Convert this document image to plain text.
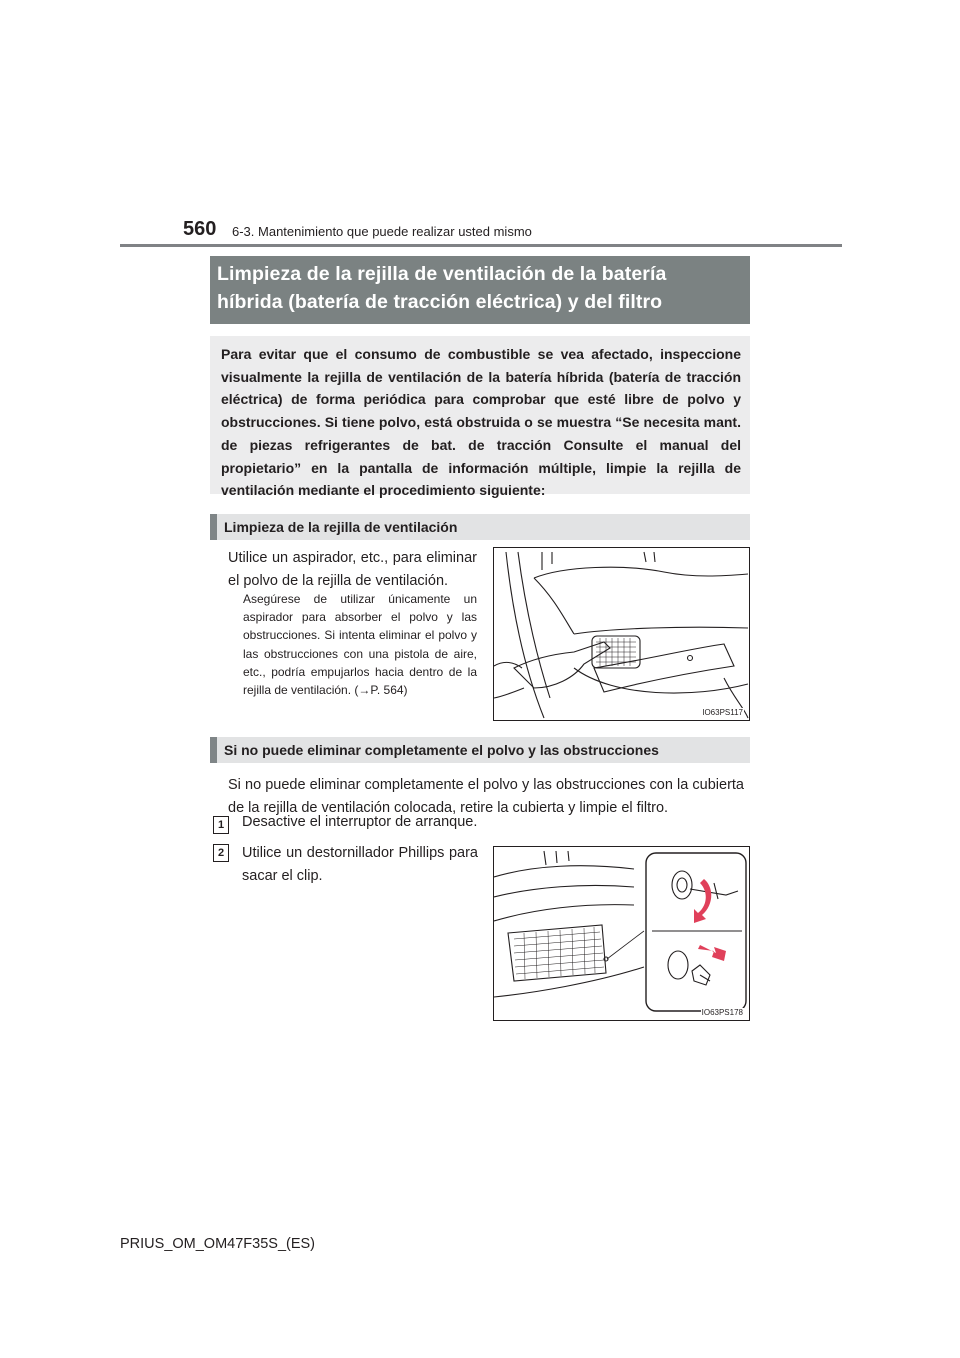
560 6-3. Mantenimiento que puede realizar usted mismo
Limpieza de la rejilla de ventilación de la batería
híbrida (batería de tracción eléctrica) y del filtro
Para evitar que el consumo de combustible se vea afectado, inspeccione visualmente la rejilla de ventilación de la batería híbrida (batería de tracción eléctrica) de forma periódica para comprobar que esté libre de polvo y obstrucciones. Si tiene polvo, está obstruida o se muestra “Se necesita mant. de piezas refrigerantes de bat. de tracción Consulte el manual del propietario” en la pantalla de información múltiple, limpie la rejilla de ventilación mediante el procedimiento siguiente:
Limpieza de la rejilla de ventilación
Utilice un aspirador, etc., para eliminar el polvo de la rejilla de ventilación.
Asegúrese de utilizar únicamente un aspirador para absorber el polvo y las obstrucciones. Si intenta eliminar el polvo y las obstrucciones con una pistola de aire, etc., podría empujarlos hacia dentro de la rejilla de ventilación. (→P. 564)
IO63PS117
Si no puede eliminar completamente el polvo y las obstrucciones
Si no puede eliminar completamente el polvo y las obstrucciones con la cubierta de la rejilla de ventilación colocada, retire la cubierta y limpie el filtro.
1	Desactive el interruptor de arranque.
2	Utilice un destornillador Phillips para sacar el clip.
IO63PS178
PRIUS_OM_OM47F35S_(ES)
